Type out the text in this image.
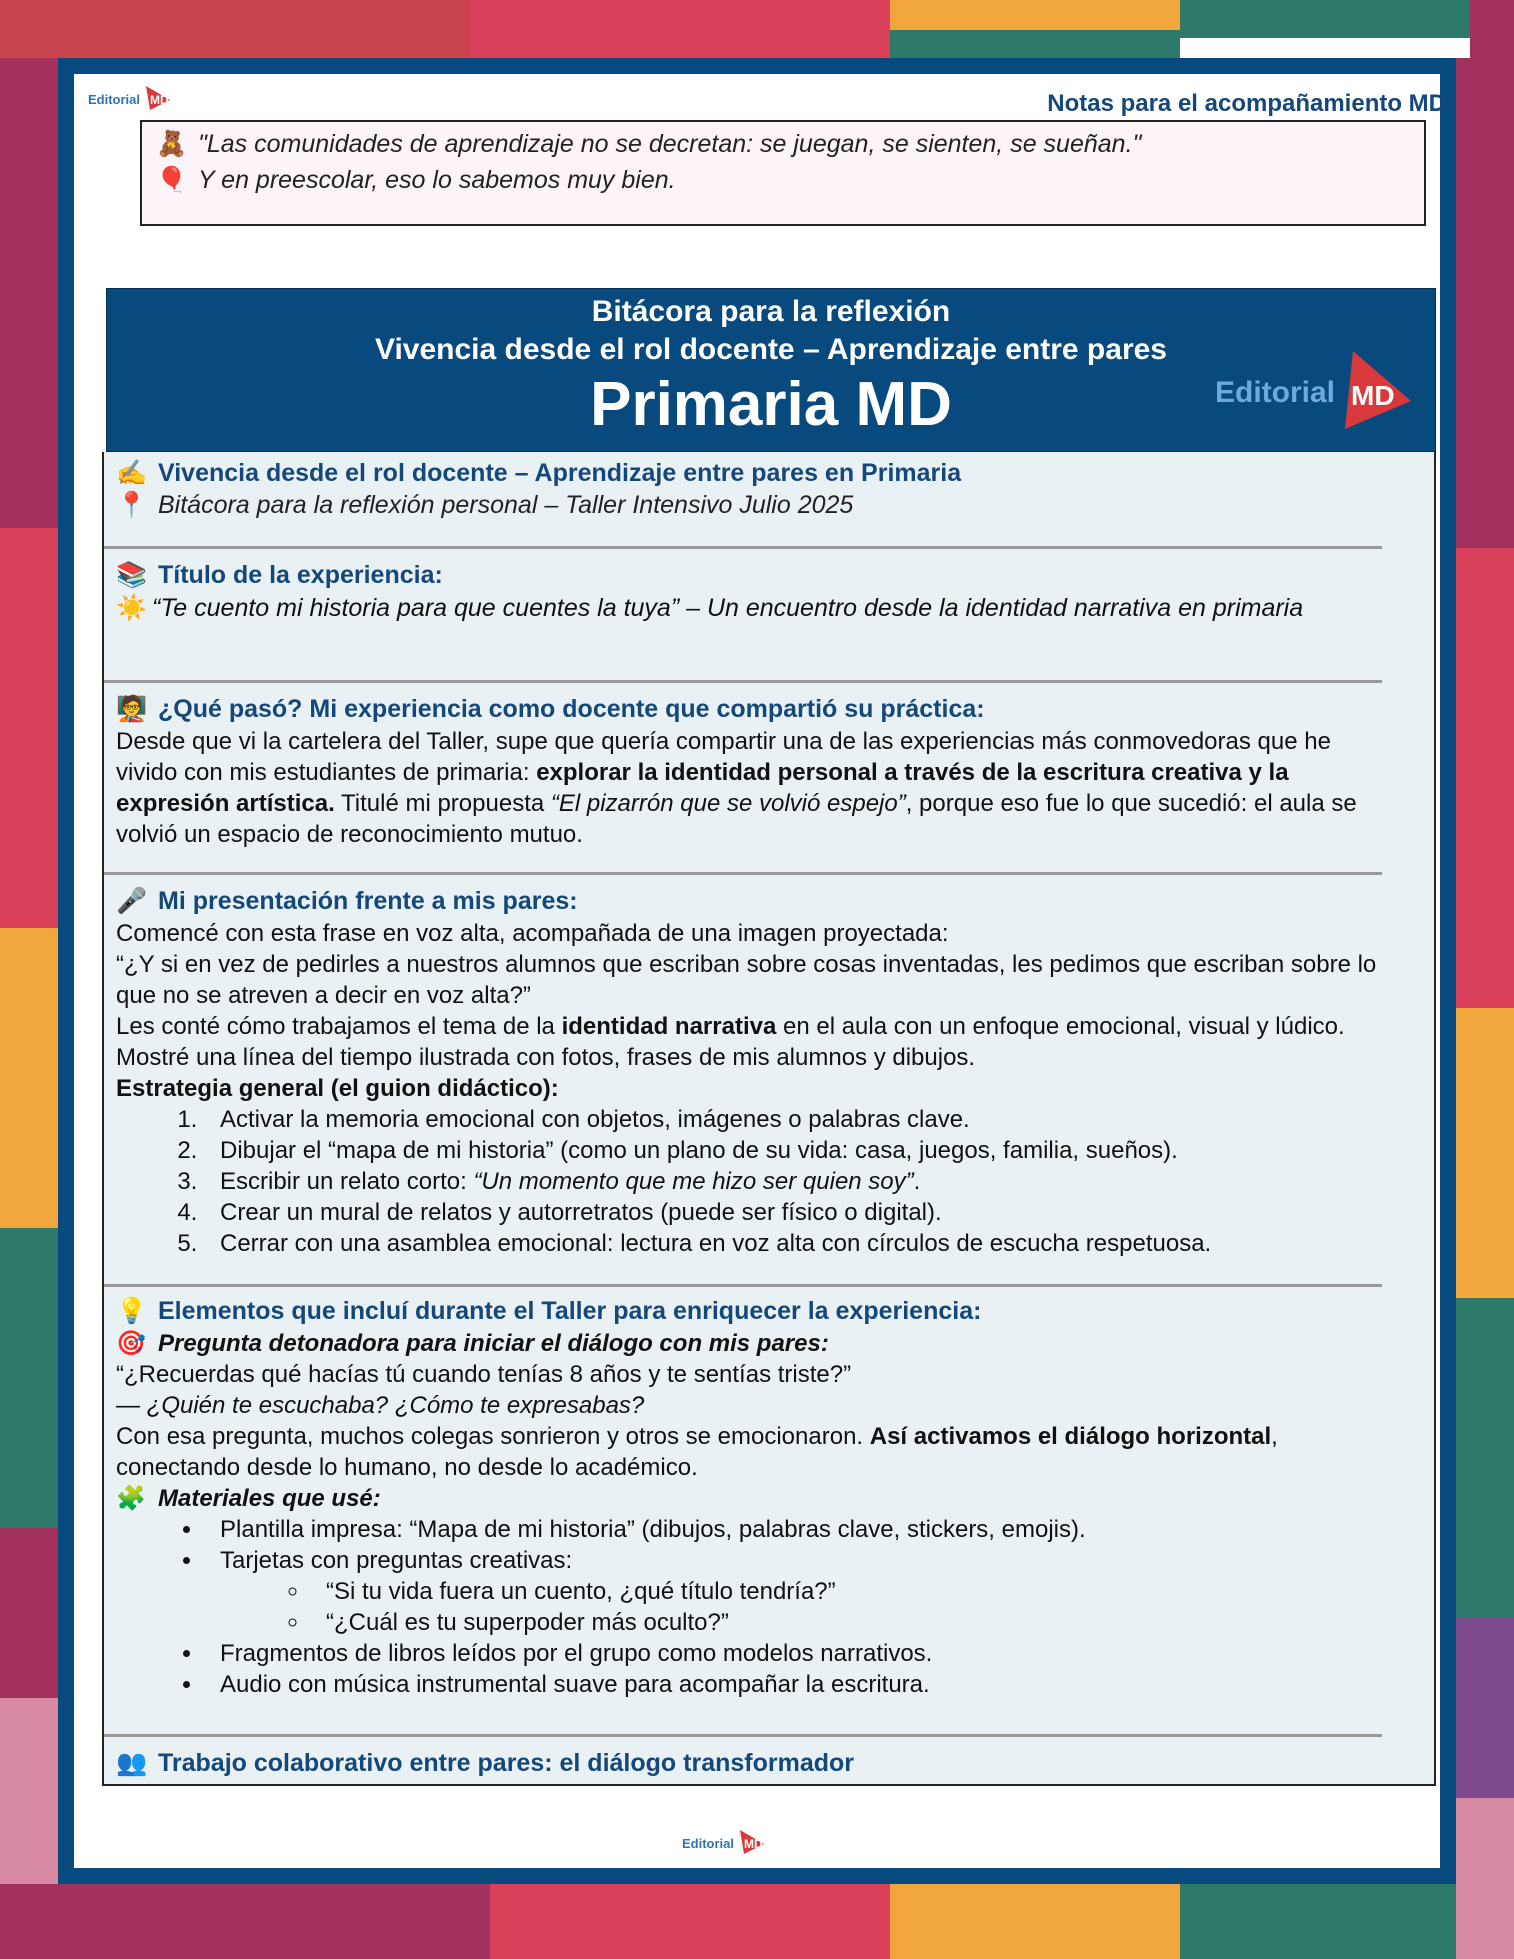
Editorial MD	Notas para el acompañamiento MD
🧸 "Las comunidades de aprendizaje no se decretan: se juegan, se sienten, se sueñan."
🎈 Y en preescolar, eso lo sabemos muy bien.
Bitácora para la reflexión
Vivencia desde el rol docente – Aprendizaje entre pares
Primaria MD	Editorial MD
✍️ Vivencia desde el rol docente – Aprendizaje entre pares en Primaria
📍 Bitácora para la reflexión personal – Taller Intensivo Julio 2025
📚 Título de la experiencia:
☀️ “Te cuento mi historia para que cuentes la tuya” – Un encuentro desde la identidad narrativa en primaria
🧑‍🏫 ¿Qué pasó? Mi experiencia como docente que compartió su práctica:
Desde que vi la cartelera del Taller, supe que quería compartir una de las experiencias más conmovedoras que he vivido con mis estudiantes de primaria: explorar la identidad personal a través de la escritura creativa y la expresión artística. Titulé mi propuesta “El pizarrón que se volvió espejo”, porque eso fue lo que sucedió: el aula se volvió un espacio de reconocimiento mutuo.
🎤 Mi presentación frente a mis pares:
Comencé con esta frase en voz alta, acompañada de una imagen proyectada:
“¿Y si en vez de pedirles a nuestros alumnos que escriban sobre cosas inventadas, les pedimos que escriban sobre lo que no se atreven a decir en voz alta?”
Les conté cómo trabajamos el tema de la identidad narrativa en el aula con un enfoque emocional, visual y lúdico. Mostré una línea del tiempo ilustrada con fotos, frases de mis alumnos y dibujos.
Estrategia general (el guion didáctico):
1. Activar la memoria emocional con objetos, imágenes o palabras clave.
2. Dibujar el “mapa de mi historia” (como un plano de su vida: casa, juegos, familia, sueños).
3. Escribir un relato corto: “Un momento que me hizo ser quien soy”.
4. Crear un mural de relatos y autorretratos (puede ser físico o digital).
5. Cerrar con una asamblea emocional: lectura en voz alta con círculos de escucha respetuosa.
💡 Elementos que incluí durante el Taller para enriquecer la experiencia:
🎯 Pregunta detonadora para iniciar el diálogo con mis pares:
“¿Recuerdas qué hacías tú cuando tenías 8 años y te sentías triste?”
— ¿Quién te escuchaba? ¿Cómo te expresabas?
Con esa pregunta, muchos colegas sonrieron y otros se emocionaron. Así activamos el diálogo horizontal, conectando desde lo humano, no desde lo académico.
🧩 Materiales que usé:
• Plantilla impresa: “Mapa de mi historia” (dibujos, palabras clave, stickers, emojis).
• Tarjetas con preguntas creativas:
◦ “Si tu vida fuera un cuento, ¿qué título tendría?”
◦ “¿Cuál es tu superpoder más oculto?”
• Fragmentos de libros leídos por el grupo como modelos narrativos.
• Audio con música instrumental suave para acompañar la escritura.
👥 Trabajo colaborativo entre pares: el diálogo transformador
Editorial MD
